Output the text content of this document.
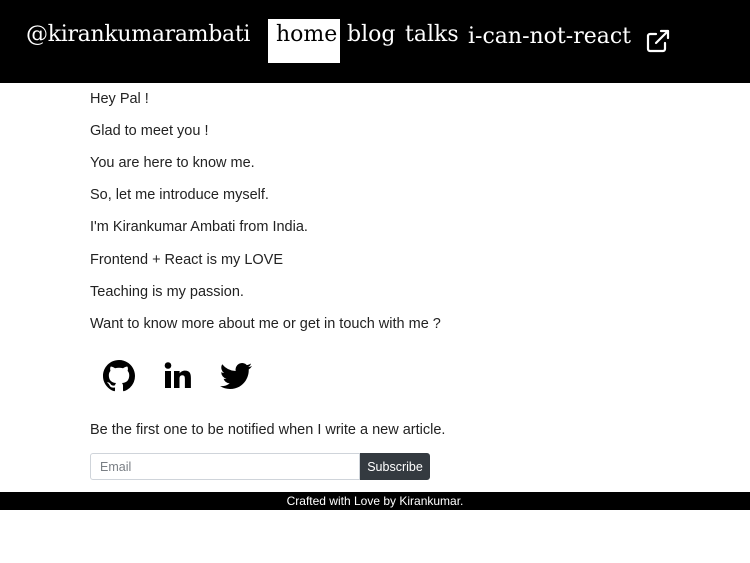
@kirankumarambati home blog talks i-can-not-react

Hey Pal !

Glad to meet you !

You are here to know me.

So, let me introduce myself.

I'm Kirankumar Ambati from India.

Frontend + React is my LOVE

Teaching is my passion.

Want to know more about me or get in touch with me ?

Be the first one to be notified when I write a new article.

Email
Subscribe
Crafted with Love by Kirankumar.
